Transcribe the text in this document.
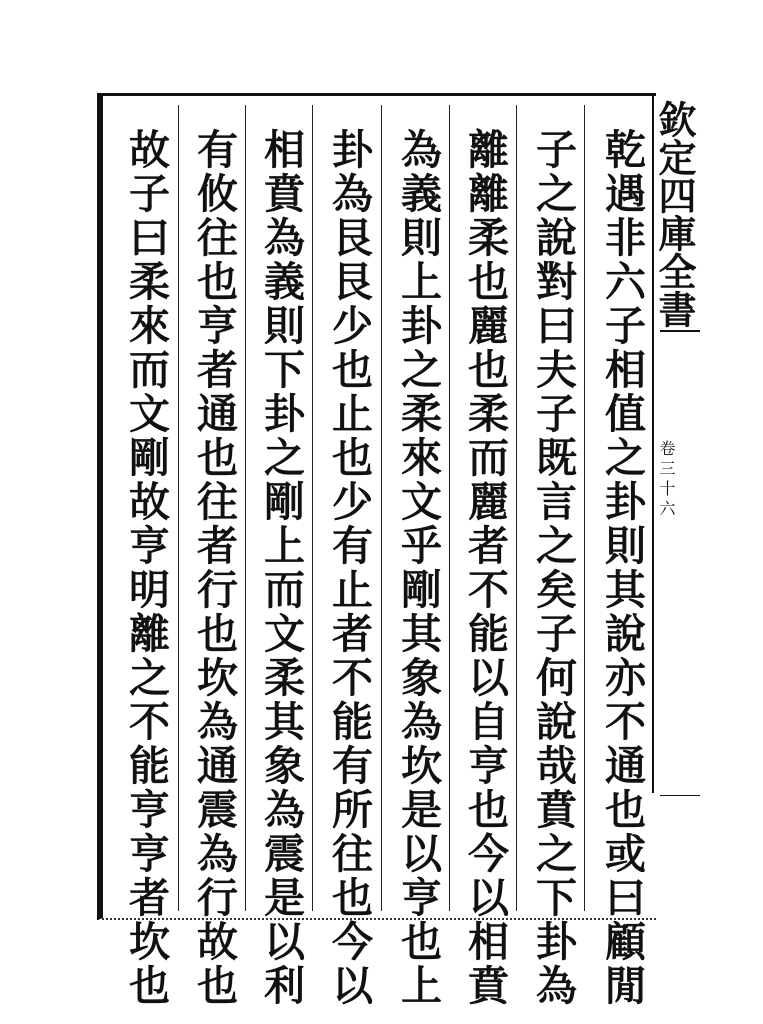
欽定四庫全書
卷三十六
乾遇非六子相值之卦則其說亦不通也或曰顧閒
子之說對曰夫子既言之矣子何說哉賁之下卦為
離離柔也麗也柔而麗者不能以自亨也今以相賁
為義則上卦之柔來文乎剛其象為坎是以亨也上
卦為艮艮少也止也少有止者不能有所往也今以
相賁為義則下卦之剛上而文柔其象為震是以利
有攸往也亨者通也往者行也坎為通震為行故也
故子曰柔來而文剛故亨明離之不能亨亨者坎也
